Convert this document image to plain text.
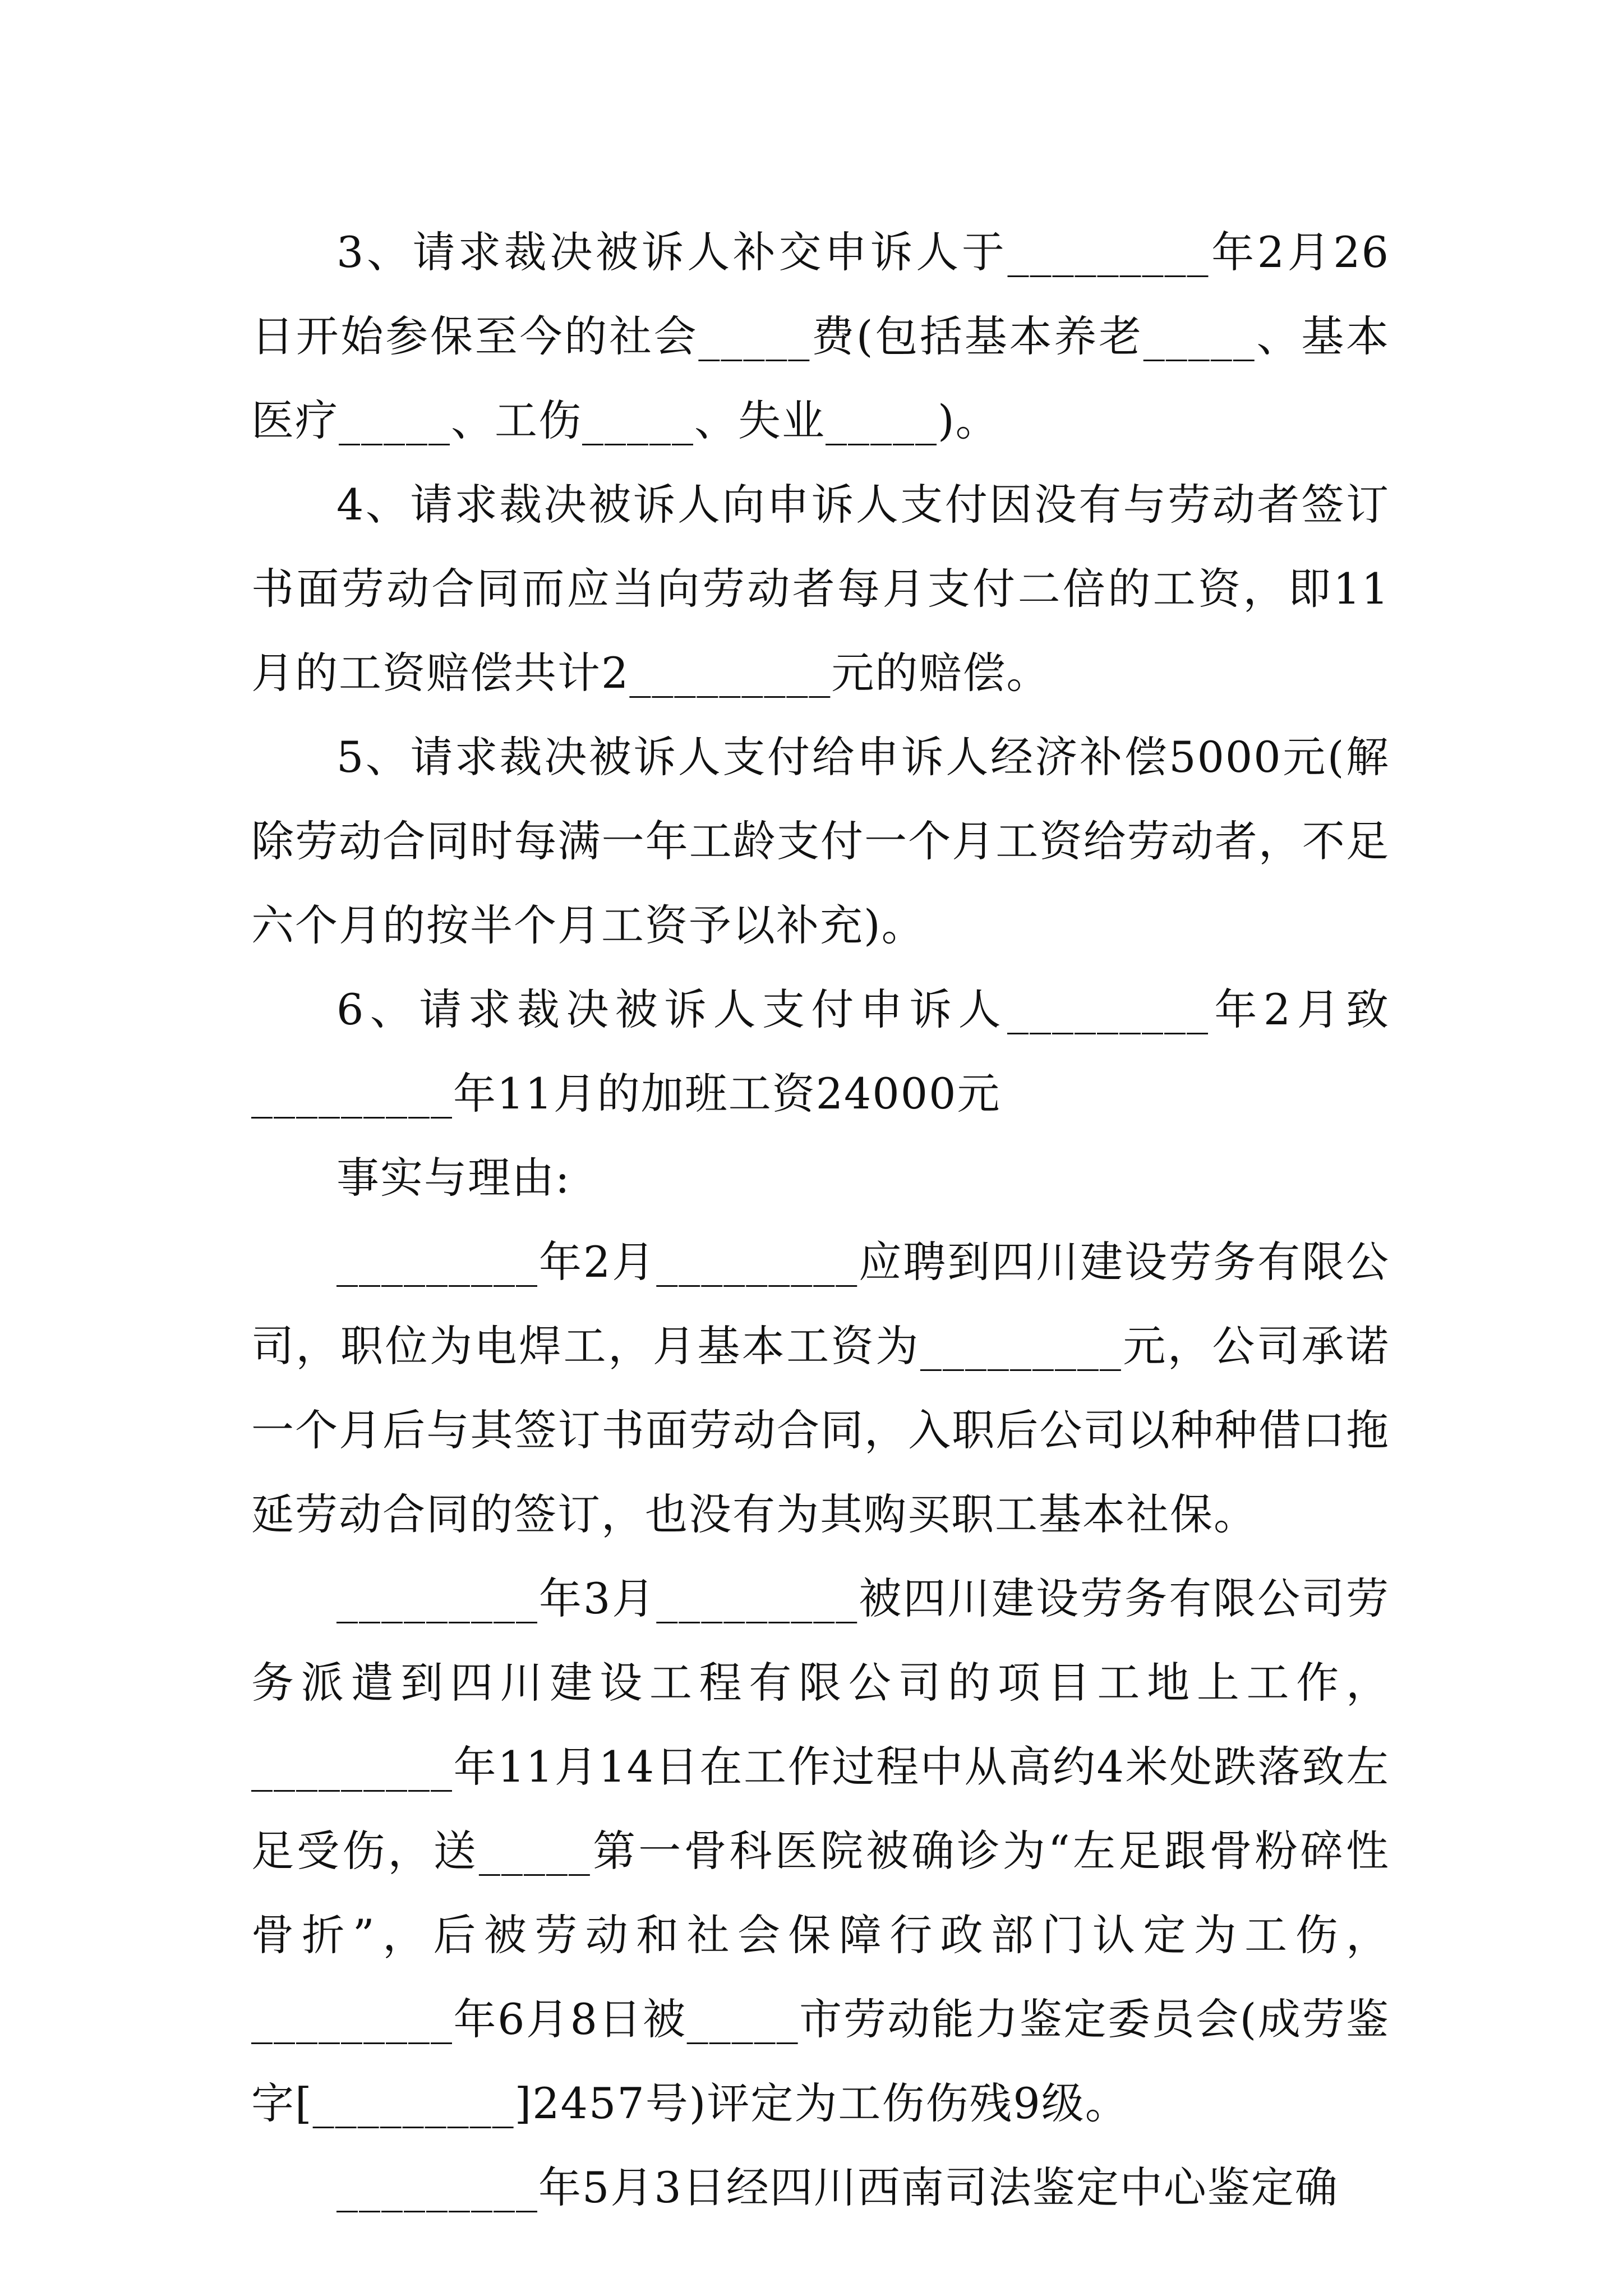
3、请求裁决被诉人补交申诉人于_________年2月26日开始参保至今的社会_____费(包括基本养老_____、基本医疗_____、工伤_____、失业_____)。

4、请求裁决被诉人向申诉人支付因没有与劳动者签订书面劳动合同而应当向劳动者每月支付二倍的工资，即11月的工资赔偿共计2_________元的赔偿。

5、请求裁决被诉人支付给申诉人经济补偿5000元(解除劳动合同时每满一年工龄支付一个月工资给劳动者，不足六个月的按半个月工资予以补充)。

6、请求裁决被诉人支付申诉人_________年2月致_________年11月的加班工资24000元

事实与理由:

_________年2月_________应聘到四川建设劳务有限公司，职位为电焊工，月基本工资为_________元，公司承诺一个月后与其签订书面劳动合同，入职后公司以种种借口拖延劳动合同的签订，也没有为其购买职工基本社保。

_________年3月_________被四川建设劳务有限公司劳务派遣到四川建设工程有限公司的项目工地上工作，_________年11月14日在工作过程中从高约4米处跌落致左足受伤，送_____第一骨科医院被确诊为“左足跟骨粉碎性骨折”，后被劳动和社会保障行政部门认定为工伤，_________年6月8日被_____市劳动能力鉴定委员会(成劳鉴字[_________]2457号)评定为工伤伤残9级。

_________年5月3日经四川西南司法鉴定中心鉴定确
